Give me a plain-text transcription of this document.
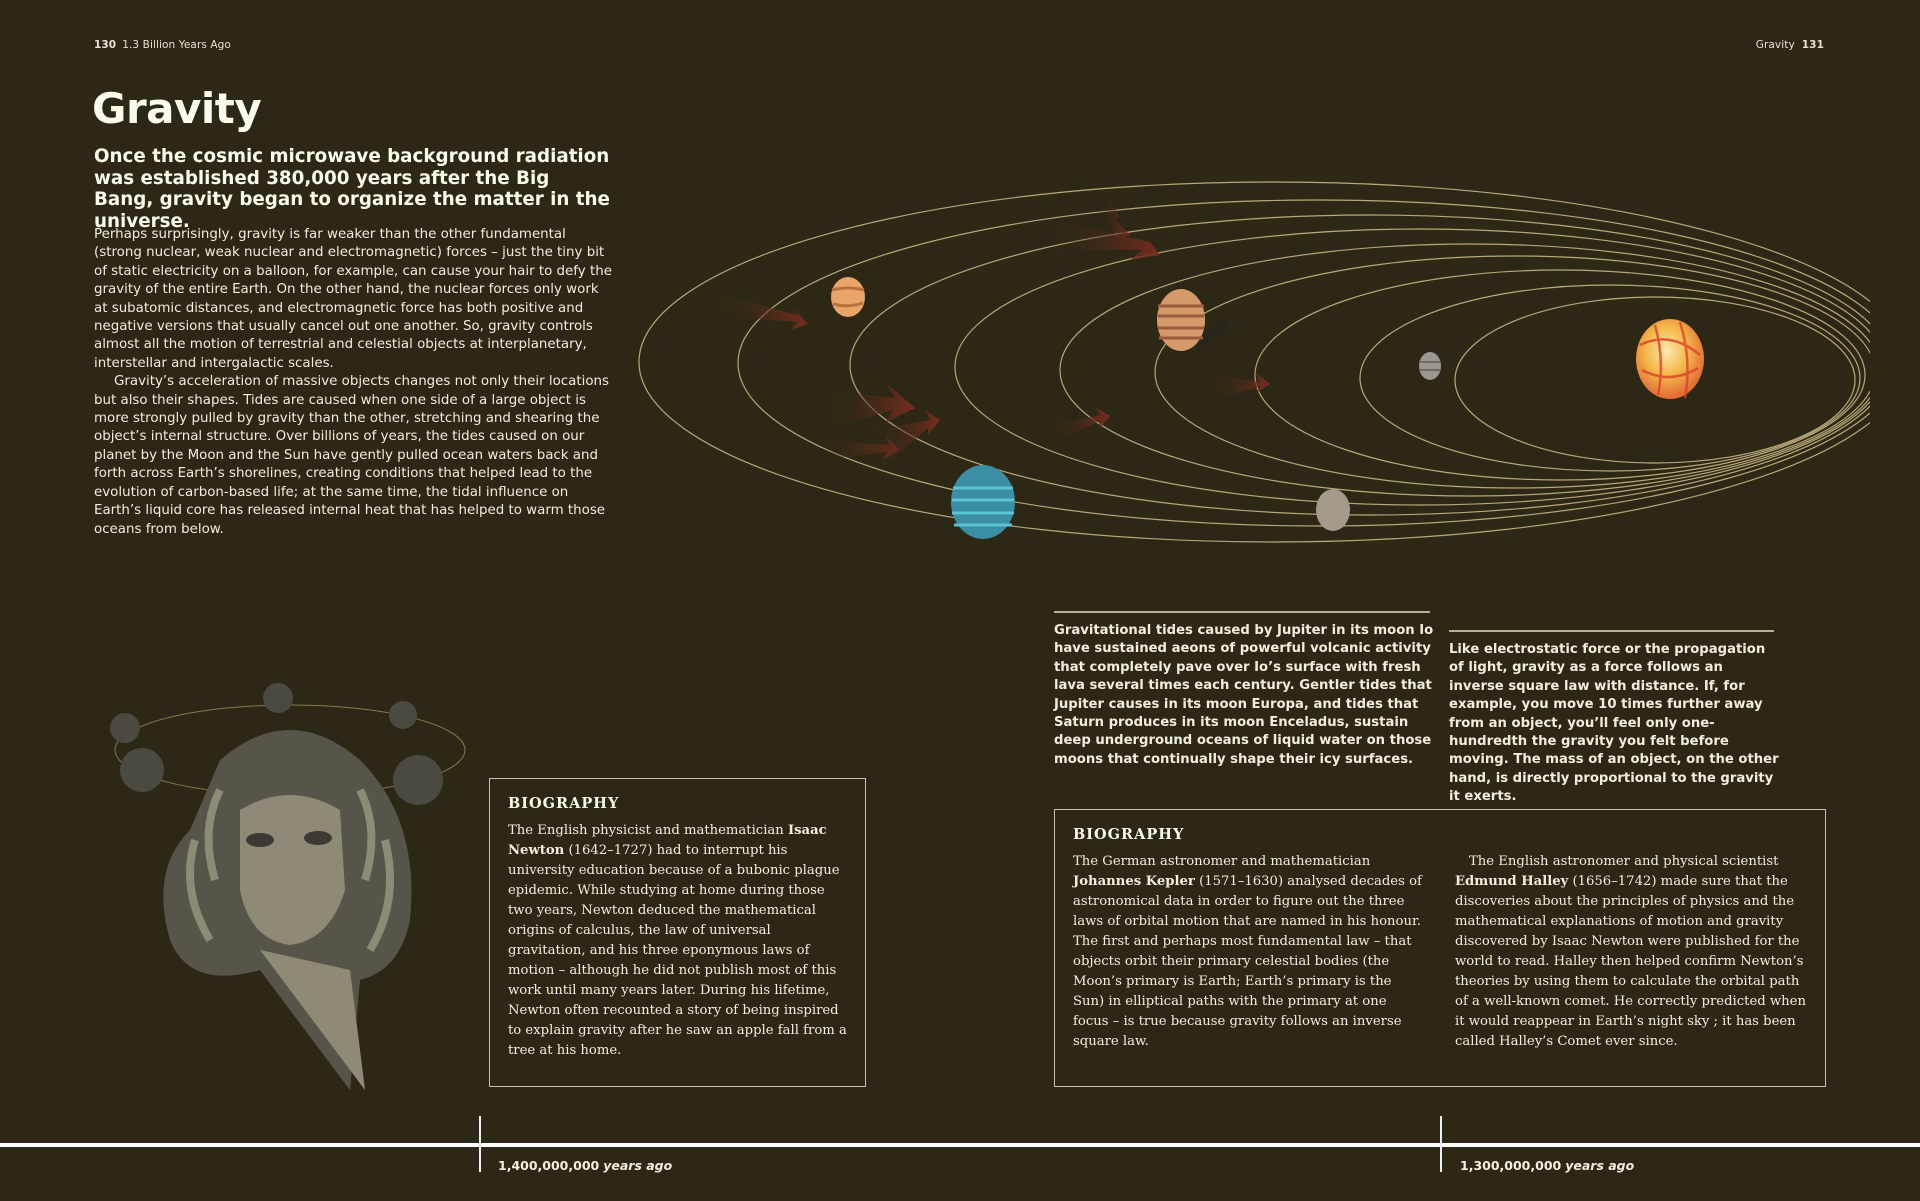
130 1.3 Billion Years Ago	Gravity 131
Gravity
Once the cosmic microwave background radiation was established 380,000 years after the Big Bang, gravity began to organize the matter in the universe.

Perhaps surprisingly, gravity is far weaker than the other fundamental (strong nuclear, weak nuclear and electromagnetic) forces – just the tiny bit of static electricity on a balloon, for example, can cause your hair to defy the gravity of the entire Earth. On the other hand, the nuclear forces only work at subatomic distances, and electromagnetic force has both positive and negative versions that usually cancel out one another. So, gravity controls almost all the motion of terrestrial and celestial objects at interplanetary, interstellar and intergalactic scales.

Gravity’s acceleration of massive objects changes not only their locations but also their shapes. Tides are caused when one side of a large object is more strongly pulled by gravity than the other, stretching and shearing the object’s internal structure. Over billions of years, the tides caused on our planet by the Moon and the Sun have gently pulled ocean waters back and forth across Earth’s shorelines, creating conditions that helped lead to the evolution of carbon-based life; at the same time, the tidal influence on Earth’s liquid core has released internal heat that has helped to warm those oceans from below.

Gravitational tides caused by Jupiter in its moon Io have sustained aeons of powerful volcanic activity that completely pave over Io’s surface with fresh lava several times each century. Gentler tides that Jupiter causes in its moon Europa, and tides that Saturn produces in its moon Enceladus, sustain deep underground oceans of liquid water on those moons that continually shape their icy surfaces.
Like electrostatic force or the propagation of light, gravity as a force follows an inverse square law with distance. If, for example, you move 10 times further away from an object, you’ll feel only one-hundredth the gravity you felt before moving. The mass of an object, on the other hand, is directly proportional to the gravity it exerts.
BIOGRAPHY
The English physicist and mathematician Isaac Newton (1642–1727) had to interrupt his university education because of a bubonic plague epidemic. While studying at home during those two years, Newton deduced the mathematical origins of calculus, the law of universal gravitation, and his three eponymous laws of motion – although he did not publish most of this work until many years later. During his lifetime, Newton often recounted a story of being inspired to explain gravity after he saw an apple fall from a tree at his home.
BIOGRAPHY
The German astronomer and mathematician Johannes Kepler (1571–1630) analysed decades of astronomical data in order to figure out the three laws of orbital motion that are named in his honour. The first and perhaps most fundamental law – that objects orbit their primary celestial bodies (the Moon’s primary is Earth; Earth’s primary is the Sun) in elliptical paths with the primary at one focus – is true because gravity follows an inverse square law.
The English astronomer and physical scientist Edmund Halley (1656–1742) made sure that the discoveries about the principles of physics and the mathematical explanations of motion and gravity discovered by Isaac Newton were published for the world to read. Halley then helped confirm Newton’s theories by using them to calculate the orbital path of a well-known comet. He correctly predicted when it would reappear in Earth’s night sky ; it has been called Halley’s Comet ever since.
1,400,000,000 years ago	1,300,000,000 years ago
